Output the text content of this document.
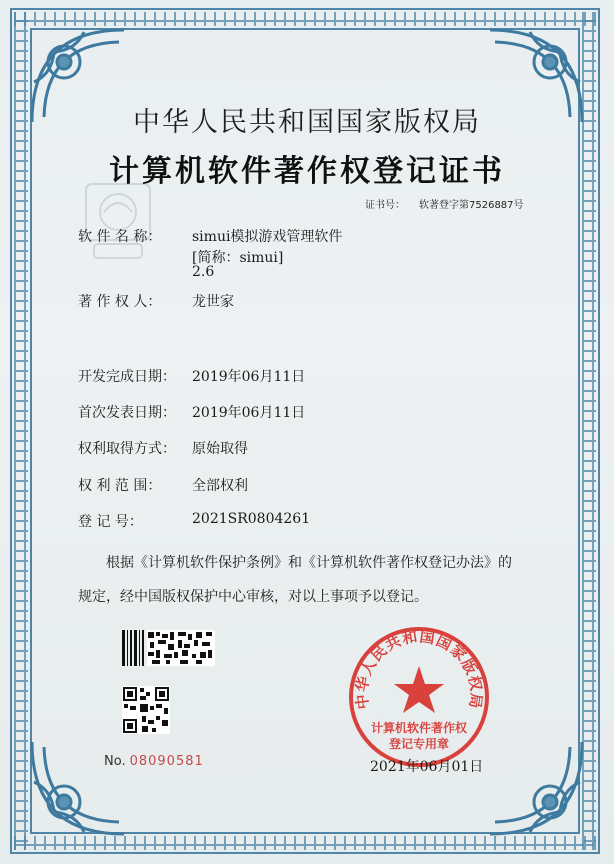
中华人民共和国国家版权局
计算机软件著作权登记证书
证书号： 软著登字第7526887号
软 件 名 称： simui模拟游戏管理软件
[简称：simui]
2.6
著 作 权 人： 龙世家
开发完成日期： 2019年06月11日
首次发表日期： 2019年06月11日
权利取得方式： 原始取得
权 利 范 围： 全部权利
登 记 号：	2021SR0804261
根据《计算机软件保护条例》和《计算机软件著作权登记办法》的
规定，经中国版权保护中心审核，对以上事项予以登记。
No. 08090581
中华人民共和国国家版权局
计算机软件著作权
登记专用章
2021年06月01日
